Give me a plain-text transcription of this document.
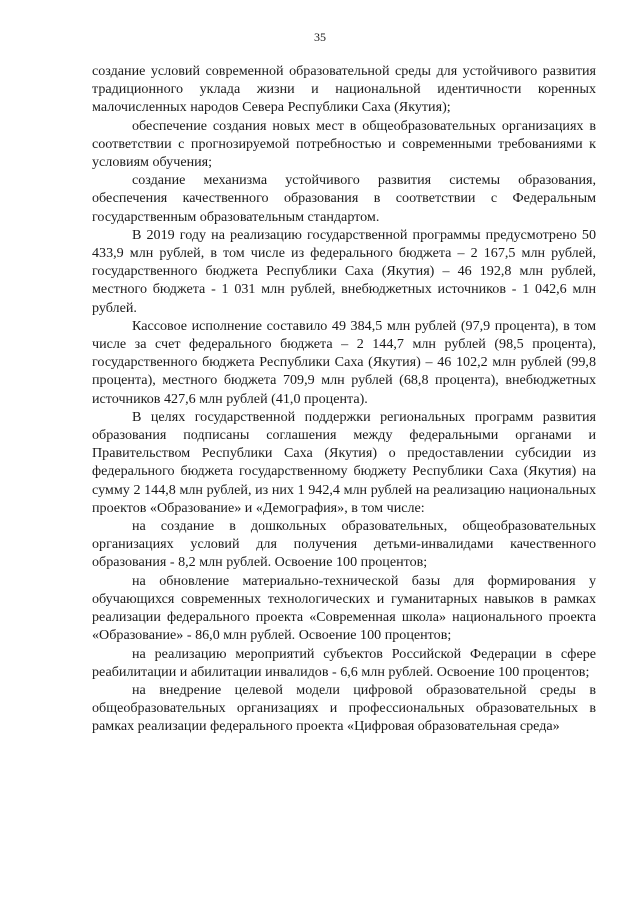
35

создание условий современной образовательной среды для устойчивого развития традиционного уклада жизни и национальной идентичности коренных малочисленных народов Севера Республики Саха (Якутия);

обеспечение создания новых мест в общеобразовательных организациях в соответствии с прогнозируемой потребностью и современными требованиями к условиям обучения;

создание механизма устойчивого развития системы образования, обеспечения качественного образования в соответствии с Федеральным государственным образовательным стандартом.

В 2019 году на реализацию государственной программы предусмотрено 50 433,9 млн рублей, в том числе из федерального бюджета – 2 167,5 млн рублей, государственного бюджета Республики Саха (Якутия) – 46 192,8 млн рублей, местного бюджета - 1 031 млн рублей, внебюджетных источников - 1 042,6 млн рублей.

Кассовое исполнение составило 49 384,5 млн рублей (97,9 процента), в том числе за счет федерального бюджета – 2 144,7 млн рублей (98,5 процента), государственного бюджета Республики Саха (Якутия) – 46 102,2 млн рублей (99,8 процента), местного бюджета 709,9 млн рублей (68,8 процента), внебюджетных источников 427,6 млн рублей (41,0 процента).

В целях государственной поддержки региональных программ развития образования подписаны соглашения между федеральными органами и Правительством Республики Саха (Якутия) о предоставлении субсидии из федерального бюджета государственному бюджету Республики Саха (Якутия) на сумму 2 144,8 млн рублей, из них 1 942,4 млн рублей на реализацию национальных проектов «Образование» и «Демография», в том числе:

на создание в дошкольных образовательных, общеобразовательных организациях условий для получения детьми-инвалидами качественного образования - 8,2 млн рублей. Освоение 100 процентов;

на обновление материально-технической базы для формирования у обучающихся современных технологических и гуманитарных навыков в рамках реализации федерального проекта «Современная школа» национального проекта «Образование» - 86,0 млн рублей. Освоение 100 процентов;

на реализацию мероприятий субъектов Российской Федерации в сфере реабилитации и абилитации инвалидов - 6,6 млн рублей. Освоение 100 процентов;

на внедрение целевой модели цифровой образовательной среды в общеобразовательных организациях и профессиональных образовательных в рамках реализации федерального проекта «Цифровая образовательная среда»
